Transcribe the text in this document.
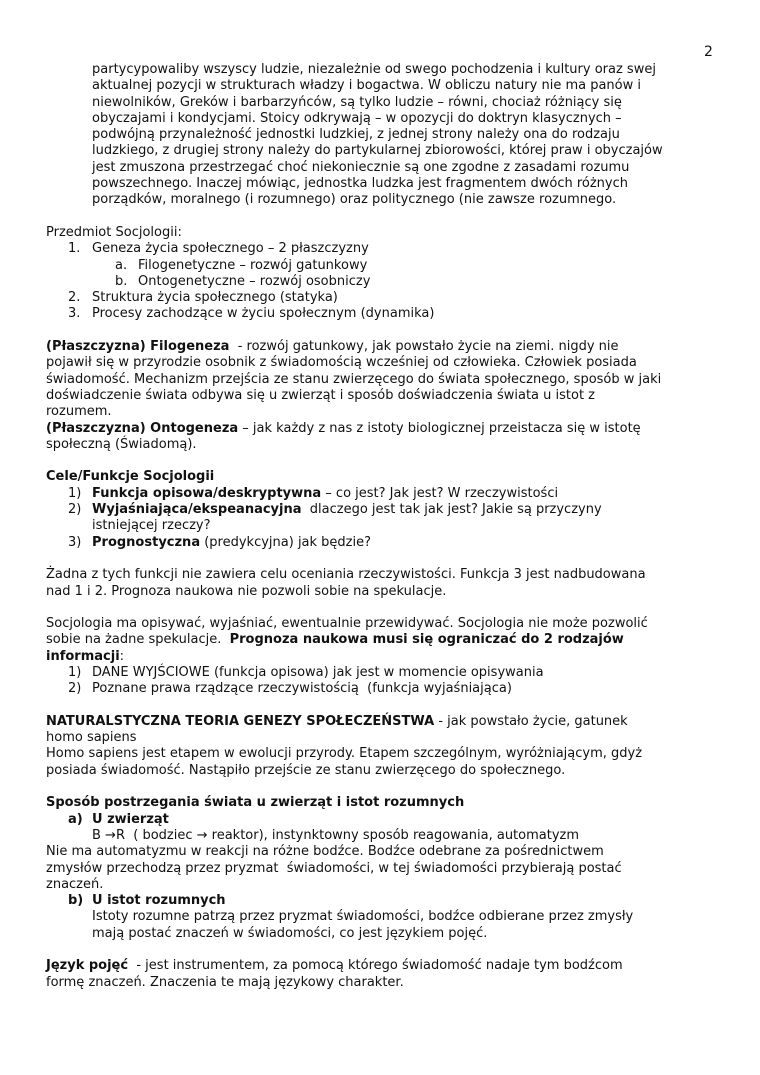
2
partycypowaliby wszyscy ludzie, niezależnie od swego pochodzenia i kultury oraz swej
aktualnej pozycji w strukturach władzy i bogactwa. W obliczu natury nie ma panów i
niewolników, Greków i barbarzyńców, są tylko ludzie – równi, chociaż różniący się
obyczajami i kondycjami. Stoicy odkrywają – w opozycji do doktryn klasycznych –
podwójną przynależność jednostki ludzkiej, z jednej strony należy ona do rodzaju
ludzkiego, z drugiej strony należy do partykularnej zbiorowości, której praw i obyczajów
jest zmuszona przestrzegać choć niekoniecznie są one zgodne z zasadami rozumu
powszechnego. Inaczej mówiąc, jednostka ludzka jest fragmentem dwóch różnych
porządków, moralnego (i rozumnego) oraz politycznego (nie zawsze rozumnego.
Przedmiot Socjologii:
1. Geneza życia społecznego – 2 płaszczyzny
a. Filogenetyczne – rozwój gatunkowy
b. Ontogenetyczne – rozwój osobniczy
2. Struktura życia społecznego (statyka)
3. Procesy zachodzące w życiu społecznym (dynamika)
(Płaszczyzna) Filogeneza  - rozwój gatunkowy, jak powstało życie na ziemi. nigdy nie
pojawił się w przyrodzie osobnik z świadomością wcześniej od człowieka. Człowiek posiada
świadomość. Mechanizm przejścia ze stanu zwierzęcego do świata społecznego, sposób w jaki
doświadczenie świata odbywa się u zwierząt i sposób doświadczenia świata u istot z
rozumem.
(Płaszczyzna) Ontogeneza – jak każdy z nas z istoty biologicznej przeistacza się w istotę
społeczną (Świadomą).
Cele/Funkcje Socjologii
1) Funkcja opisowa/deskryptywna – co jest? Jak jest? W rzeczywistości
2) Wyjaśniająca/ekspeanacyjna  dlaczego jest tak jak jest? Jakie są przyczyny
istniejącej rzeczy?
3) Prognostyczna (predykcyjna) jak będzie?
Żadna z tych funkcji nie zawiera celu oceniania rzeczywistości. Funkcja 3 jest nadbudowana
nad 1 i 2. Prognoza naukowa nie pozwoli sobie na spekulacje.
Socjologia ma opisywać, wyjaśniać, ewentualnie przewidywać. Socjologia nie może pozwolić
sobie na żadne spekulacje.  Prognoza naukowa musi się ograniczać do 2 rodzajów
informacji:
1) DANE WYJŚCIOWE (funkcja opisowa) jak jest w momencie opisywania
2) Poznane prawa rządzące rzeczywistością  (funkcja wyjaśniająca)
NATURALSTYCZNA TEORIA GENEZY SPOŁECZEŃSTWA - jak powstało życie, gatunek
homo sapiens
Homo sapiens jest etapem w ewolucji przyrody. Etapem szczególnym, wyróżniającym, gdyż
posiada świadomość. Nastąpiło przejście ze stanu zwierzęcego do społecznego.
Sposób postrzegania świata u zwierząt i istot rozumnych
a) U zwierząt
B →R  ( bodziec → reaktor), instynktowny sposób reagowania, automatyzm
Nie ma automatyzmu w reakcji na różne bodźce. Bodźce odebrane za pośrednictwem
zmysłów przechodzą przez pryzmat  świadomości, w tej świadomości przybierają postać
znaczeń.
b) U istot rozumnych
Istoty rozumne patrzą przez pryzmat świadomości, bodźce odbierane przez zmysły
mają postać znaczeń w świadomości, co jest językiem pojęć.
Język pojęć  - jest instrumentem, za pomocą którego świadomość nadaje tym bodźcom
formę znaczeń. Znaczenia te mają językowy charakter.
